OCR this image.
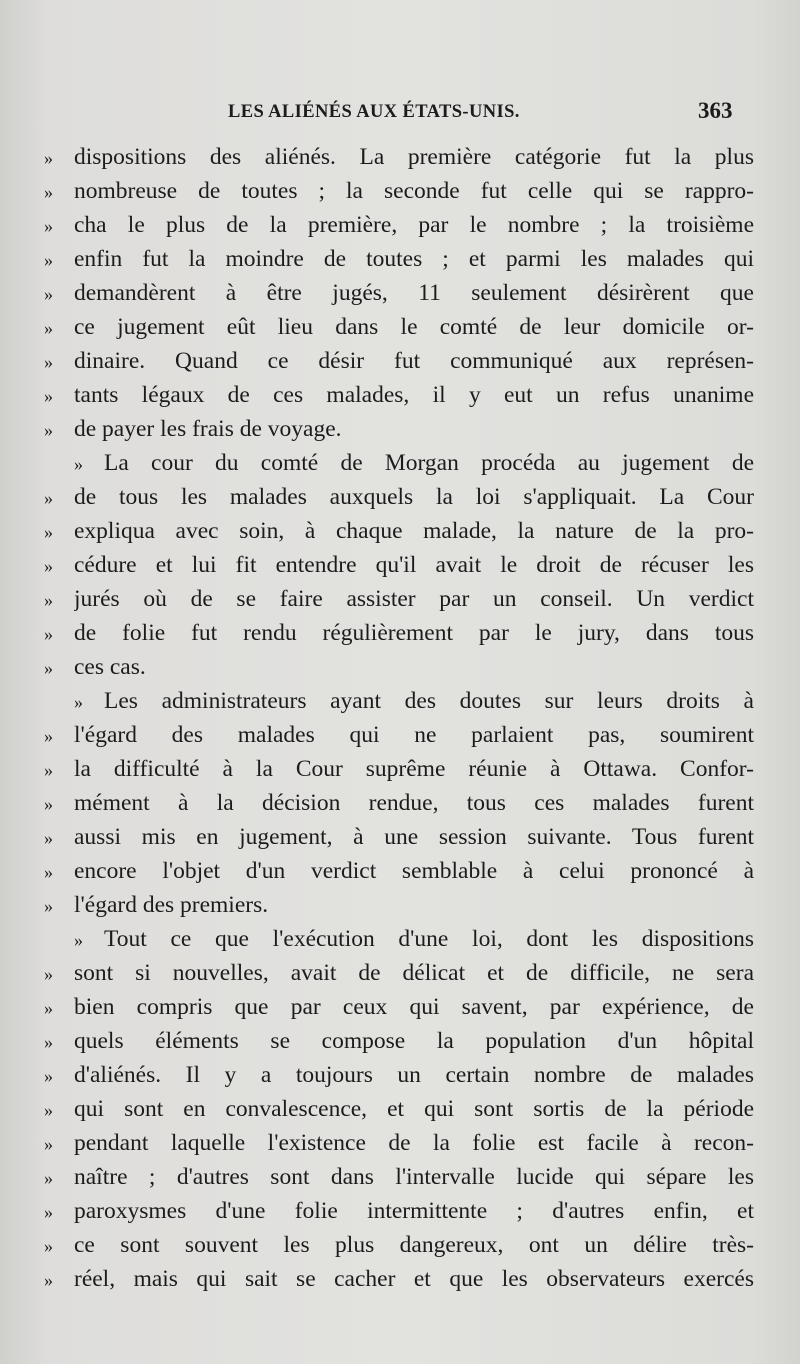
LES ALIÉNÉS AUX ÉTATS-UNIS.	363
» dispositions des aliénés. La première catégorie fut la plus
» nombreuse de toutes ; la seconde fut celle qui se rappro-
» cha le plus de la première, par le nombre ; la troisième
» enfin fut la moindre de toutes ; et parmi les malades qui
» demandèrent à être jugés, 11 seulement désirèrent que
» ce jugement eût lieu dans le comté de leur domicile or-
» dinaire. Quand ce désir fut communiqué aux représen-
» tants légaux de ces malades, il y eut un refus unanime
» de payer les frais de voyage.
» La cour du comté de Morgan procéda au jugement de
» de tous les malades auxquels la loi s'appliquait. La Cour
» expliqua avec soin, à chaque malade, la nature de la pro-
» cédure et lui fit entendre qu'il avait le droit de récuser les
» jurés où de se faire assister par un conseil. Un verdict
» de folie fut rendu régulièrement par le jury, dans tous
» ces cas.
» Les administrateurs ayant des doutes sur leurs droits à
» l'égard des malades qui ne parlaient pas, soumirent
» la difficulté à la Cour suprême réunie à Ottawa. Confor-
» mément à la décision rendue, tous ces malades furent
» aussi mis en jugement, à une session suivante. Tous furent
» encore l'objet d'un verdict semblable à celui prononcé à
» l'égard des premiers.
» Tout ce que l'exécution d'une loi, dont les dispositions
» sont si nouvelles, avait de délicat et de difficile, ne sera
» bien compris que par ceux qui savent, par expérience, de
» quels éléments se compose la population d'un hôpital
» d'aliénés. Il y a toujours un certain nombre de malades
» qui sont en convalescence, et qui sont sortis de la période
» pendant laquelle l'existence de la folie est facile à recon-
» naître ; d'autres sont dans l'intervalle lucide qui sépare les
» paroxysmes d'une folie intermittente ; d'autres enfin, et
» ce sont souvent les plus dangereux, ont un délire très-
» réel, mais qui sait se cacher et que les observateurs exercés
